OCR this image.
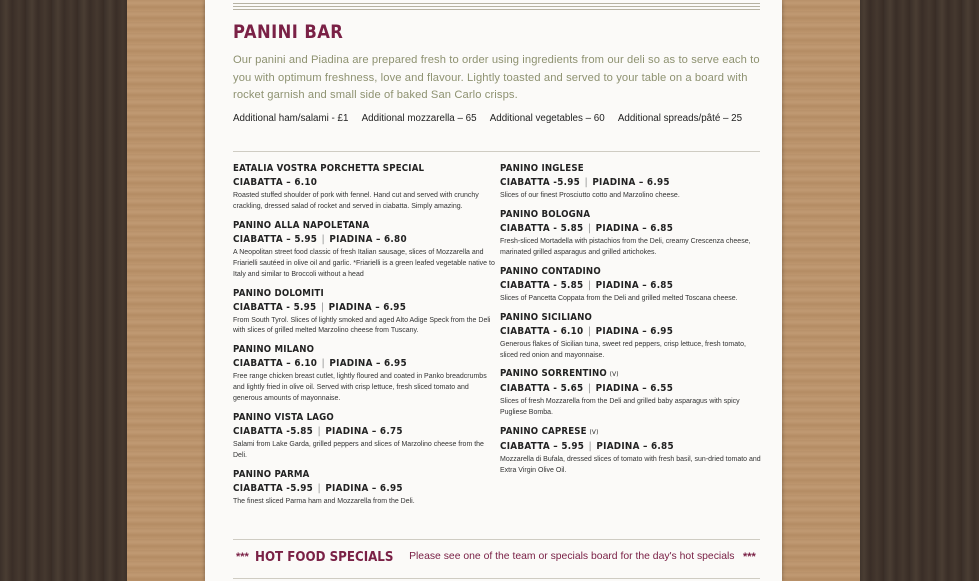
PANINI BAR
Our panini and Piadina are prepared fresh to order using ingredients from our deli so as to serve each to you with optimum freshness, love and flavour. Lightly toasted and served to your table on a board with rocket garnish and small side of baked San Carlo crisps.
Additional ham/salami - £1 Additional mozzarella – 65 Additional vegetables – 60 Additional spreads/pâté – 25
EATALIA VOSTRA PORCHETTA SPECIAL
CIABATTA – 6.10
Roasted stuffed shoulder of pork with fennel. Hand cut and served with crunchy crackling, dressed salad of rocket and served in ciabatta. Simply amazing.
PANINO ALLA NAPOLETANA
CIABATTA – 5.95 | PIADINA – 6.80
A Neopolitan street food classic of fresh Italian sausage, slices of Mozzarella and Friarielli sautéed in olive oil and garlic. *Friarielli is a green leafed vegetable native to Italy and similar to Broccoli without a head
PANINO DOLOMITI
CIABATTA - 5.95 | PIADINA – 6.95
From South Tyrol. Slices of lightly smoked and aged Alto Adige Speck from the Deli with slices of grilled melted Marzolino cheese from Tuscany.
PANINO MILANO
CIABATTA – 6.10 | PIADINA – 6.95
Free range chicken breast cutlet, lightly floured and coated in Panko breadcrumbs and lightly fried in olive oil. Served with crisp lettuce, fresh sliced tomato and generous amounts of mayonnaise.
PANINO VISTA LAGO
CIABATTA -5.85 | PIADINA – 6.75
Salami from Lake Garda, grilled peppers and slices of Marzolino cheese from the Deli.
PANINO PARMA
CIABATTA -5.95 | PIADINA – 6.95
The finest sliced Parma ham and Mozzarella from the Deli.
PANINO INGLESE
CIABATTA -5.95 | PIADINA – 6.95
Slices of our finest Prosciutto cotto and Marzolino cheese.
PANINO BOLOGNA
CIABATTA - 5.85 | PIADINA – 6.85
Fresh-sliced Mortadella with pistachios from the Deli, creamy Crescenza cheese, marinated grilled asparagus and grilled artichokes.
PANINO CONTADINO
CIABATTA - 5.85 | PIADINA – 6.85
Slices of Pancetta Coppata from the Deli and grilled melted Toscana cheese.
PANINO SICILIANO
CIABATTA - 6.10 | PIADINA – 6.95
Generous flakes of Sicilian tuna, sweet red peppers, crisp lettuce, fresh tomato, sliced red onion and mayonnaise.
PANINO SORRENTINO (V)
CIABATTA - 5.65 | PIADINA – 6.55
Slices of fresh Mozzarella from the Deli and grilled baby asparagus with spicy Pugliese Bomba.
PANINO CAPRESE (V)
CIABATTA – 5.95 | PIADINA – 6.85
Mozzarella di Bufala, dressed slices of tomato with fresh basil, sun-dried tomato and Extra Virgin Olive Oil.
*** HOT FOOD SPECIALS Please see one of the team or specials board for the day's hot specials ***
